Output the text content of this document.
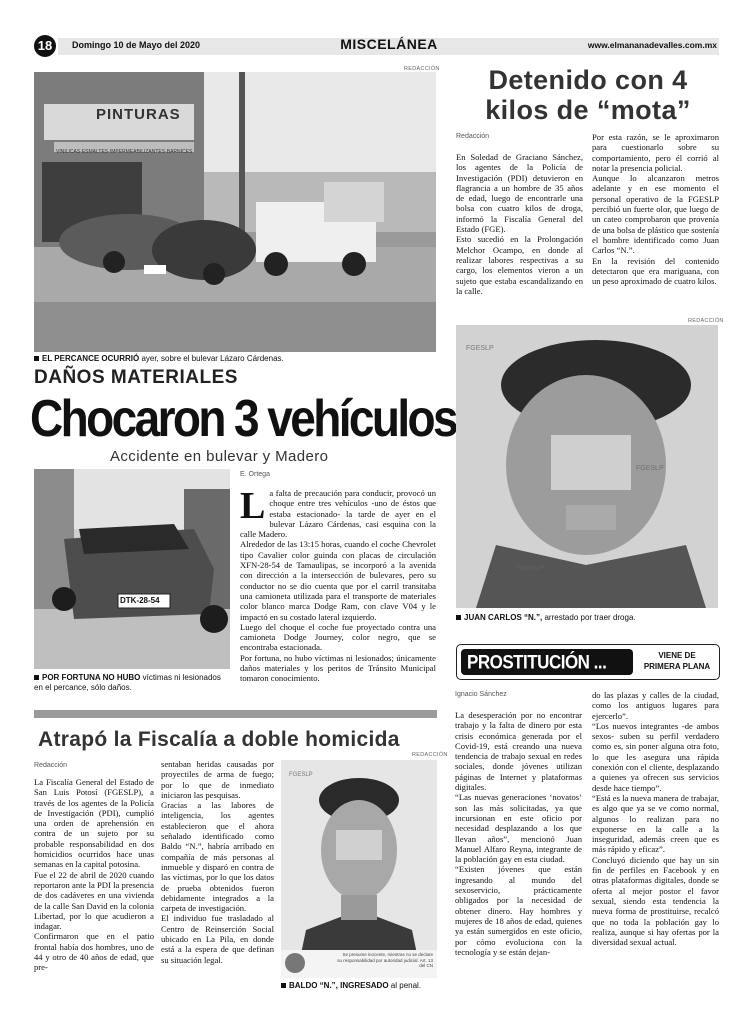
18	Domingo 10 de Mayo del 2020	MISCELÁNEA	www.elmananadevalles.com.mx
PINTURAS
VINILICAS·ESMALTES·IMPERMEABILIZANTES·BARNICES
REDACCIÓN
EL PERCANCE OCURRIÓ ayer, sobre el bulevar Lázaro Cárdenas.
DAÑOS MATERIALES
Chocaron 3 vehículos
Accidente en bulevar y Madero
DTK-28-54
POR FORTUNA NO HUBO víctimas ni lesionados en el percance, sólo daños.
E. Ortega
L a falta de precaución para conducir, provocó un choque entre tres vehículos -uno de éstos que estaba estacionado- la tarde de ayer en el bulevar Lázaro Cárdenas, casi esquina con la calle Madero.

Alrededor de las 13:15 horas, cuando el coche Chevrolet tipo Cavalier color guinda con placas de circulación XFN-28-54 de Tamaulipas, se incorporó a la avenida con dirección a la intersección de bulevares, pero su conductor no se dio cuenta que por el carril transitaba una camioneta utilizada para el transporte de materiales color blanco marca Dodge Ram, con clave V04 y le impactó en su costado lateral izquierdo.

Luego del choque el coche fue proyectado contra una camioneta Dodge Journey, color negro, que se encontraba estacionada.

Por fortuna, no hubo víctimas ni lesionados; únicamente daños materiales y los peritos de Tránsito Municipal tomaron conocimiento.

Detenido con 4 kilos de “mota”
Redacción

En Soledad de Graciano Sánchez, los agentes de la Policía de Investigación (PDI) detuvieron en flagrancia a un hombre de 35 años de edad, luego de encontrarle una bolsa con cuatro kilos de droga, informó la Fiscalía General del Estado (FGE).

Esto sucedió en la Prolongación Melchor Ocampo, en donde al realizar labores respectivas a su cargo, los elementos vieron a un sujeto que estaba escandalizando en la calle.

Por esta razón, se le aproximaron para cuestionarlo sobre su comportamiento, pero él corrió al notar la presencia policial.

Aunque lo alcanzaron metros adelante y en ese momento el personal operativo de la FGESLP percibió un fuerte olor, que luego de un cateo comprobaron que provenía de una bolsa de plástico que sostenía el hombre identificado como Juan Carlos “N.”.

En la revisión del contenido detectaron que era mariguana, con un peso aproximado de cuatro kilos.

REDACCIÓN
FGESLP
FGESLP
FGESLP
JUAN CARLOS “N.”, arrestado por traer droga.
PROSTITUCIÓN ...	VIENE DE
PRIMERA PLANA
Ignacio Sánchez

La desesperación por no encontrar trabajo y la falta de dinero por esta crisis económica generada por el Covid-19, está creando una nueva tendencia de trabajo sexual en redes sociales, donde jóvenes utilizan páginas de Internet y plataformas digitales.

“Las nuevas generaciones ‘novatos’ son las más solicitadas, ya que incursionan en este oficio por necesidad desplazando a los que llevan años”, mencionó Juan Manuel Alfaro Reyna, integrante de la población gay en esta ciudad.

“Existen jóvenes que están ingresando al mundo del sexoservicio, prácticamente obligados por la necesidad de obtener dinero. Hay hombres y mujeres de 18 años de edad, quienes ya están sumergidos en este oficio, por cómo evoluciona con la tecnología y se están dejan-

do las plazas y calles de la ciudad, como los antiguos lugares para ejercerlo”.

“Los nuevos integrantes -de ambos sexos- suben su perfil verdadero como es, sin poner alguna otra foto, lo que les asegura una rápida conexión con el cliente, desplazando a quienes ya ofrecen sus servicios desde hace tiempo”.

“Está es la nueva manera de trabajar, es algo que ya se ve como normal, algunos lo realizan para no exponerse en la calle a la inseguridad, además creen que es más rápido y eficaz”.

Concluyó diciendo que hay un sin fin de perfiles en Facebook y en otras plataformas digitales, donde se oferta al mejor postor el favor sexual, siendo esta tendencia la nueva forma de prostituirse, recalcó que no toda la población gay lo realiza, aunque si hay ofertas por la diversidad sexual actual.

Atrapó la Fiscalía a doble homicida
REDACCIÓN
Redacción

La Fiscalía General del Estado de San Luis Potosí (FGESLP), a través de los agentes de la Policía de Investigación (PDI), cumplió una orden de aprehensión en contra de un sujeto por su probable responsabilidad en dos homicidios ocurridos hace unas semanas en la capital potosina.

Fue el 22 de abril de 2020 cuando reportaron ante la PDI la presencia de dos cadáveres en una vivienda de la calle San David en la colonia Libertad, por lo que acudieron a indagar.

Confirmaron que en el patio frontal había dos hombres, uno de 44 y otro de 40 años de edad, que pre-

sentaban heridas causadas por proyectiles de arma de fuego; por lo que de inmediato iniciaron las pesquisas.

Gracias a las labores de inteligencia, los agentes establecieron que el ahora señalado identificado como Baldo “N.”, habría arribado en compañía de más personas al inmueble y disparó en contra de las víctimas, por lo que los datos de prueba obtenidos fueron debidamente integrados a la carpeta de investigación.

El individuo fue trasladado al Centro de Reinserción Social ubicado en La Pila, en donde está a la espera de que definan su situación legal.

FGESLP
Se presume inocente, mientras no se declare su responsabilidad por autoridad judicial. Art. 13 del CN
BALDO “N.”, INGRESADO al penal.
